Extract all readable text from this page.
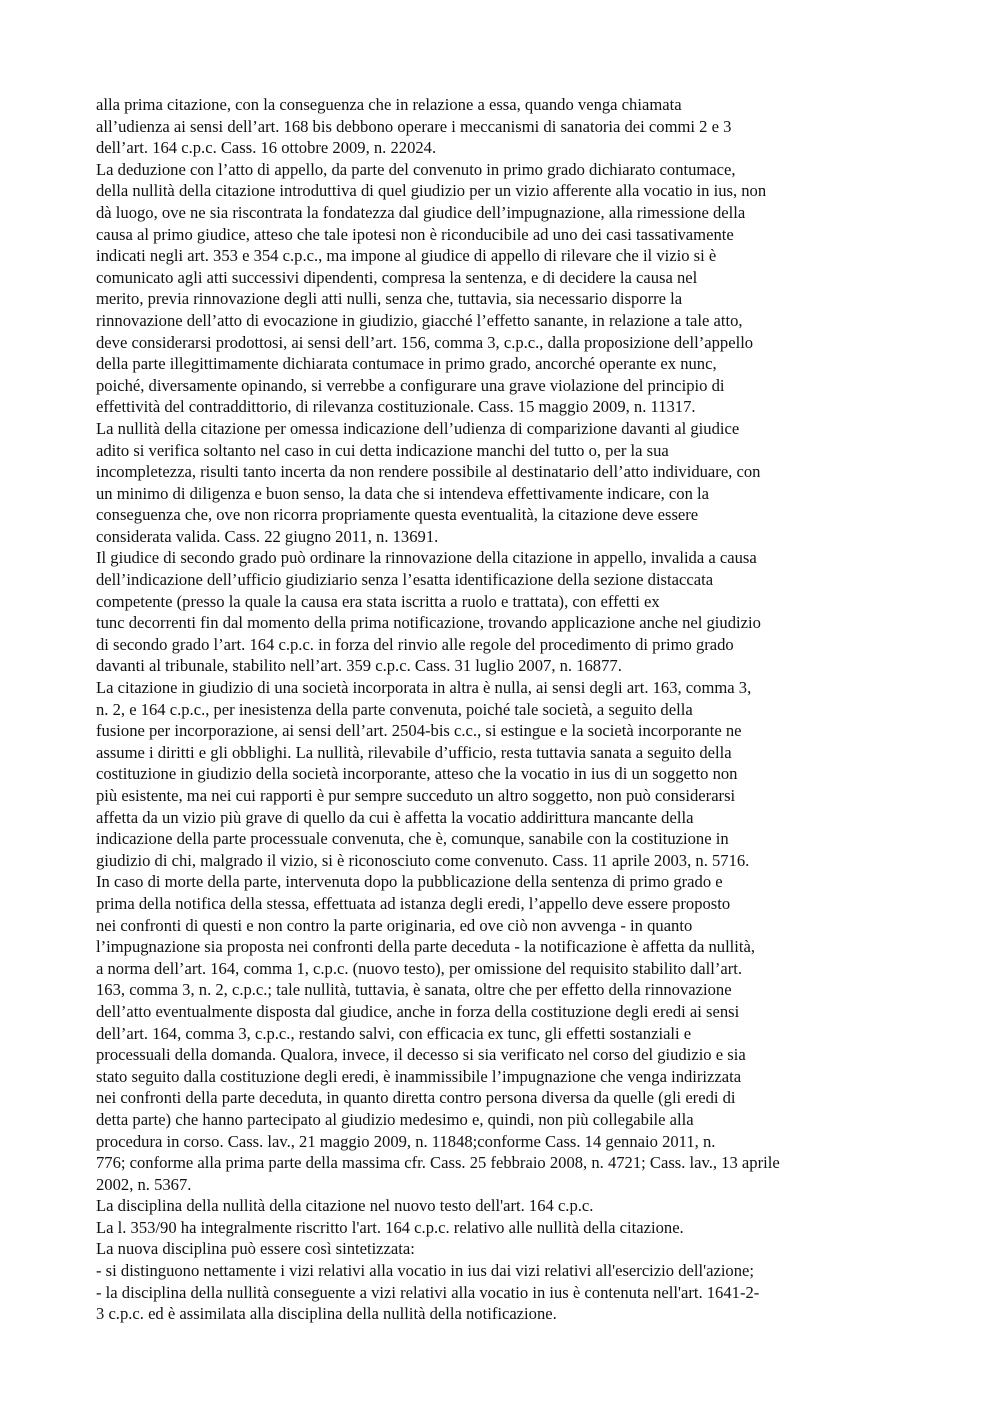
alla prima citazione, con la conseguenza che in relazione a essa, quando venga chiamata
all’udienza ai sensi dell’art. 168 bis debbono operare i meccanismi di sanatoria dei commi 2 e 3
dell’art. 164 c.p.c. Cass. 16 ottobre 2009, n. 22024.
La deduzione con l’atto di appello, da parte del convenuto in primo grado dichiarato contumace,
della nullità della citazione introduttiva di quel giudizio per un vizio afferente alla vocatio in ius, non
dà luogo, ove ne sia riscontrata la fondatezza dal giudice dell’impugnazione, alla rimessione della
causa al primo giudice, atteso che tale ipotesi non è riconducibile ad uno dei casi tassativamente
indicati negli art. 353 e 354 c.p.c., ma impone al giudice di appello di rilevare che il vizio si è
comunicato agli atti successivi dipendenti, compresa la sentenza, e di decidere la causa nel
merito, previa rinnovazione degli atti nulli, senza che, tuttavia, sia necessario disporre la
rinnovazione dell’atto di evocazione in giudizio, giacché l’effetto sanante, in relazione a tale atto,
deve considerarsi prodottosi, ai sensi dell’art. 156, comma 3, c.p.c., dalla proposizione dell’appello
della parte illegittimamente dichiarata contumace in primo grado, ancorché operante ex nunc,
poiché, diversamente opinando, si verrebbe a configurare una grave violazione del principio di
effettività del contraddittorio, di rilevanza costituzionale. Cass. 15 maggio 2009, n. 11317.
La nullità della citazione per omessa indicazione dell’udienza di comparizione davanti al giudice
adito si verifica soltanto nel caso in cui detta indicazione manchi del tutto o, per la sua
incompletezza, risulti tanto incerta da non rendere possibile al destinatario dell’atto individuare, con
un minimo di diligenza e buon senso, la data che si intendeva effettivamente indicare, con la
conseguenza che, ove non ricorra propriamente questa eventualità, la citazione deve essere
considerata valida. Cass. 22 giugno 2011, n. 13691.
Il giudice di secondo grado può ordinare la rinnovazione della citazione in appello, invalida a causa
dell’indicazione dell’ufficio giudiziario senza l’esatta identificazione della sezione distaccata
competente (presso la quale la causa era stata iscritta a ruolo e trattata), con effetti ex
tunc decorrenti fin dal momento della prima notificazione, trovando applicazione anche nel giudizio
di secondo grado l’art. 164 c.p.c. in forza del rinvio alle regole del procedimento di primo grado
davanti al tribunale, stabilito nell’art. 359 c.p.c. Cass. 31 luglio 2007, n. 16877.
La citazione in giudizio di una società incorporata in altra è nulla, ai sensi degli art. 163, comma 3,
n. 2, e 164 c.p.c., per inesistenza della parte convenuta, poiché tale società, a seguito della
fusione per incorporazione, ai sensi dell’art. 2504-bis c.c., si estingue e la società incorporante ne
assume i diritti e gli obblighi. La nullità, rilevabile d’ufficio, resta tuttavia sanata a seguito della
costituzione in giudizio della società incorporante, atteso che la vocatio in ius di un soggetto non
più esistente, ma nei cui rapporti è pur sempre succeduto un altro soggetto, non può considerarsi
affetta da un vizio più grave di quello da cui è affetta la vocatio addirittura mancante della
indicazione della parte processuale convenuta, che è, comunque, sanabile con la costituzione in
giudizio di chi, malgrado il vizio, si è riconosciuto come convenuto. Cass. 11 aprile 2003, n. 5716.
In caso di morte della parte, intervenuta dopo la pubblicazione della sentenza di primo grado e
prima della notifica della stessa, effettuata ad istanza degli eredi, l’appello deve essere proposto
nei confronti di questi e non contro la parte originaria, ed ove ciò non avvenga - in quanto
l’impugnazione sia proposta nei confronti della parte deceduta - la notificazione è affetta da nullità,
a norma dell’art. 164, comma 1, c.p.c. (nuovo testo), per omissione del requisito stabilito dall’art.
163, comma 3, n. 2, c.p.c.; tale nullità, tuttavia, è sanata, oltre che per effetto della rinnovazione
dell’atto eventualmente disposta dal giudice, anche in forza della costituzione degli eredi ai sensi
dell’art. 164, comma 3, c.p.c., restando salvi, con efficacia ex tunc, gli effetti sostanziali e
processuali della domanda. Qualora, invece, il decesso si sia verificato nel corso del giudizio e sia
stato seguito dalla costituzione degli eredi, è inammissibile l’impugnazione che venga indirizzata
nei confronti della parte deceduta, in quanto diretta contro persona diversa da quelle (gli eredi di
detta parte) che hanno partecipato al giudizio medesimo e, quindi, non più collegabile alla
procedura in corso. Cass. lav., 21 maggio 2009, n. 11848;conforme Cass. 14 gennaio 2011, n.
776; conforme alla prima parte della massima cfr. Cass. 25 febbraio 2008, n. 4721; Cass. lav., 13 aprile
2002, n. 5367.
La disciplina della nullità della citazione nel nuovo testo dell'art. 164 c.p.c.
La l. 353/90 ha integralmente riscritto l'art. 164 c.p.c. relativo alle nullità della citazione.
La nuova disciplina può essere così sintetizzata:
- si distinguono nettamente i vizi relativi alla vocatio in ius dai vizi relativi all'esercizio dell'azione;
- la disciplina della nullità conseguente a vizi relativi alla vocatio in ius è contenuta nell'art. 1641-2-
3 c.p.c. ed è assimilata alla disciplina della nullità della notificazione.
